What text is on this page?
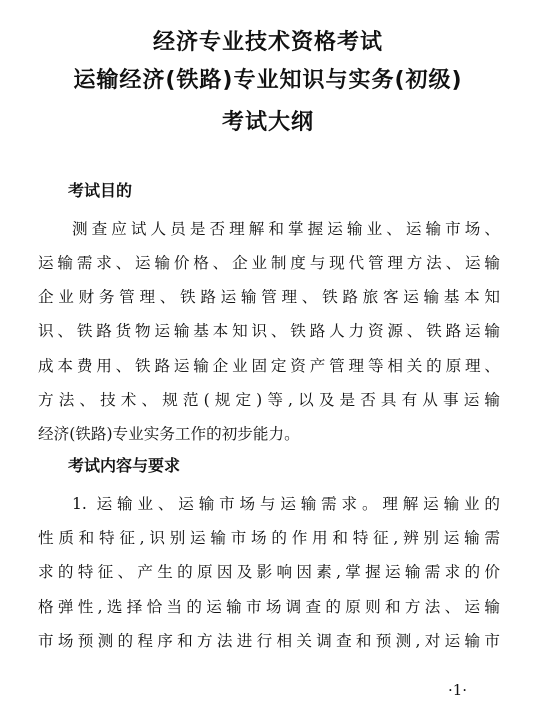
经济专业技术资格考试
运输经济(铁路)专业知识与实务(初级)
考试大纲
考试目的
测查应试人员是否理解和掌握运输业、运输市场、
运输需求、运输价格、企业制度与现代管理方法、运输
企业财务管理、铁路运输管理、铁路旅客运输基本知
识、铁路货物运输基本知识、铁路人力资源、铁路运输
成本费用、铁路运输企业固定资产管理等相关的原理、
方法、技术、规范(规定)等,以及是否具有从事运输
经济(铁路)专业实务工作的初步能力。
考试内容与要求
1. 运输业、运输市场与运输需求。理解运输业的
性质和特征,识别运输市场的作用和特征,辨别运输需
求的特征、产生的原因及影响因素,掌握运输需求的价
格弹性,选择恰当的运输市场调查的原则和方法、运输
市场预测的程序和方法进行相关调查和预测,对运输市
·1·
